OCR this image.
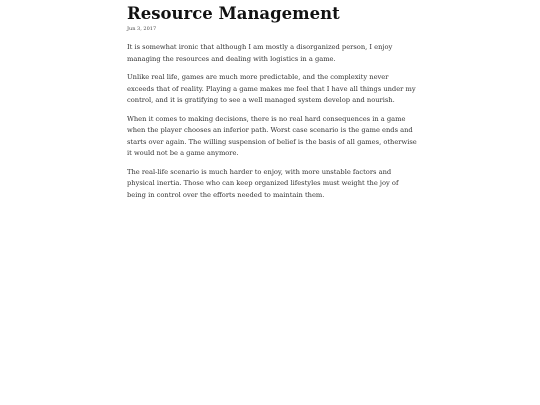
Resource Management
Jun 3, 2017

It is somewhat ironic that although I am mostly a disorganized person, I enjoy managing the resources and dealing with logistics in a game.

Unlike real life, games are much more predictable, and the complexity never exceeds that of reality. Playing a game makes me feel that I have all things under my control, and it is gratifying to see a well managed system develop and nourish.

When it comes to making decisions, there is no real hard consequences in a game when the player chooses an inferior path. Worst case scenario is the game ends and starts over again. The willing suspension of belief is the basis of all games, otherwise it would not be a game anymore.

The real-life scenario is much harder to enjoy, with more unstable factors and physical inertia. Those who can keep organized lifestyles must weight the joy of being in control over the efforts needed to maintain them.
